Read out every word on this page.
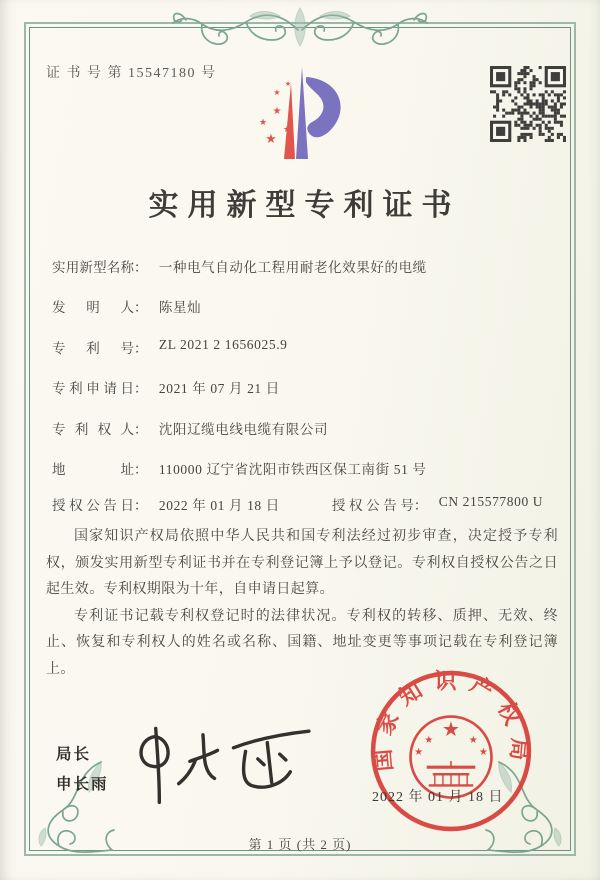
证 书 号 第 15547180 号
★
★
★
★
★
★
实用新型专利证书
实用新型名称： 一种电气自动化工程用耐老化效果好的电缆
发明人： 陈星灿
专利号： ZL 2021 2 1656025.9
专利申请日： 2021 年 07 月 21 日
专利权人： 沈阳辽缆电线电缆有限公司
地址： 110000 辽宁省沈阳市铁西区保工南街 51 号
授权公告日： 2022 年 01 月 18 日	授权公告号： CN 215577800 U

国家知识产权局依照中华人民共和国专利法经过初步审查，决定授予专利权，颁发实用新型专利证书并在专利登记簿上予以登记。专利权自授权公告之日起生效。专利权期限为十年，自申请日起算。

专利证书记载专利权登记时的法律状况。专利权的转移、质押、无效、终止、恢复和专利权人的姓名或名称、国籍、地址变更等事项记载在专利登记簿上。

局长
申长雨
国家知识产权局
★
★	★
★	★
2022 年 01 月 18 日
第 1 页 (共 2 页)
